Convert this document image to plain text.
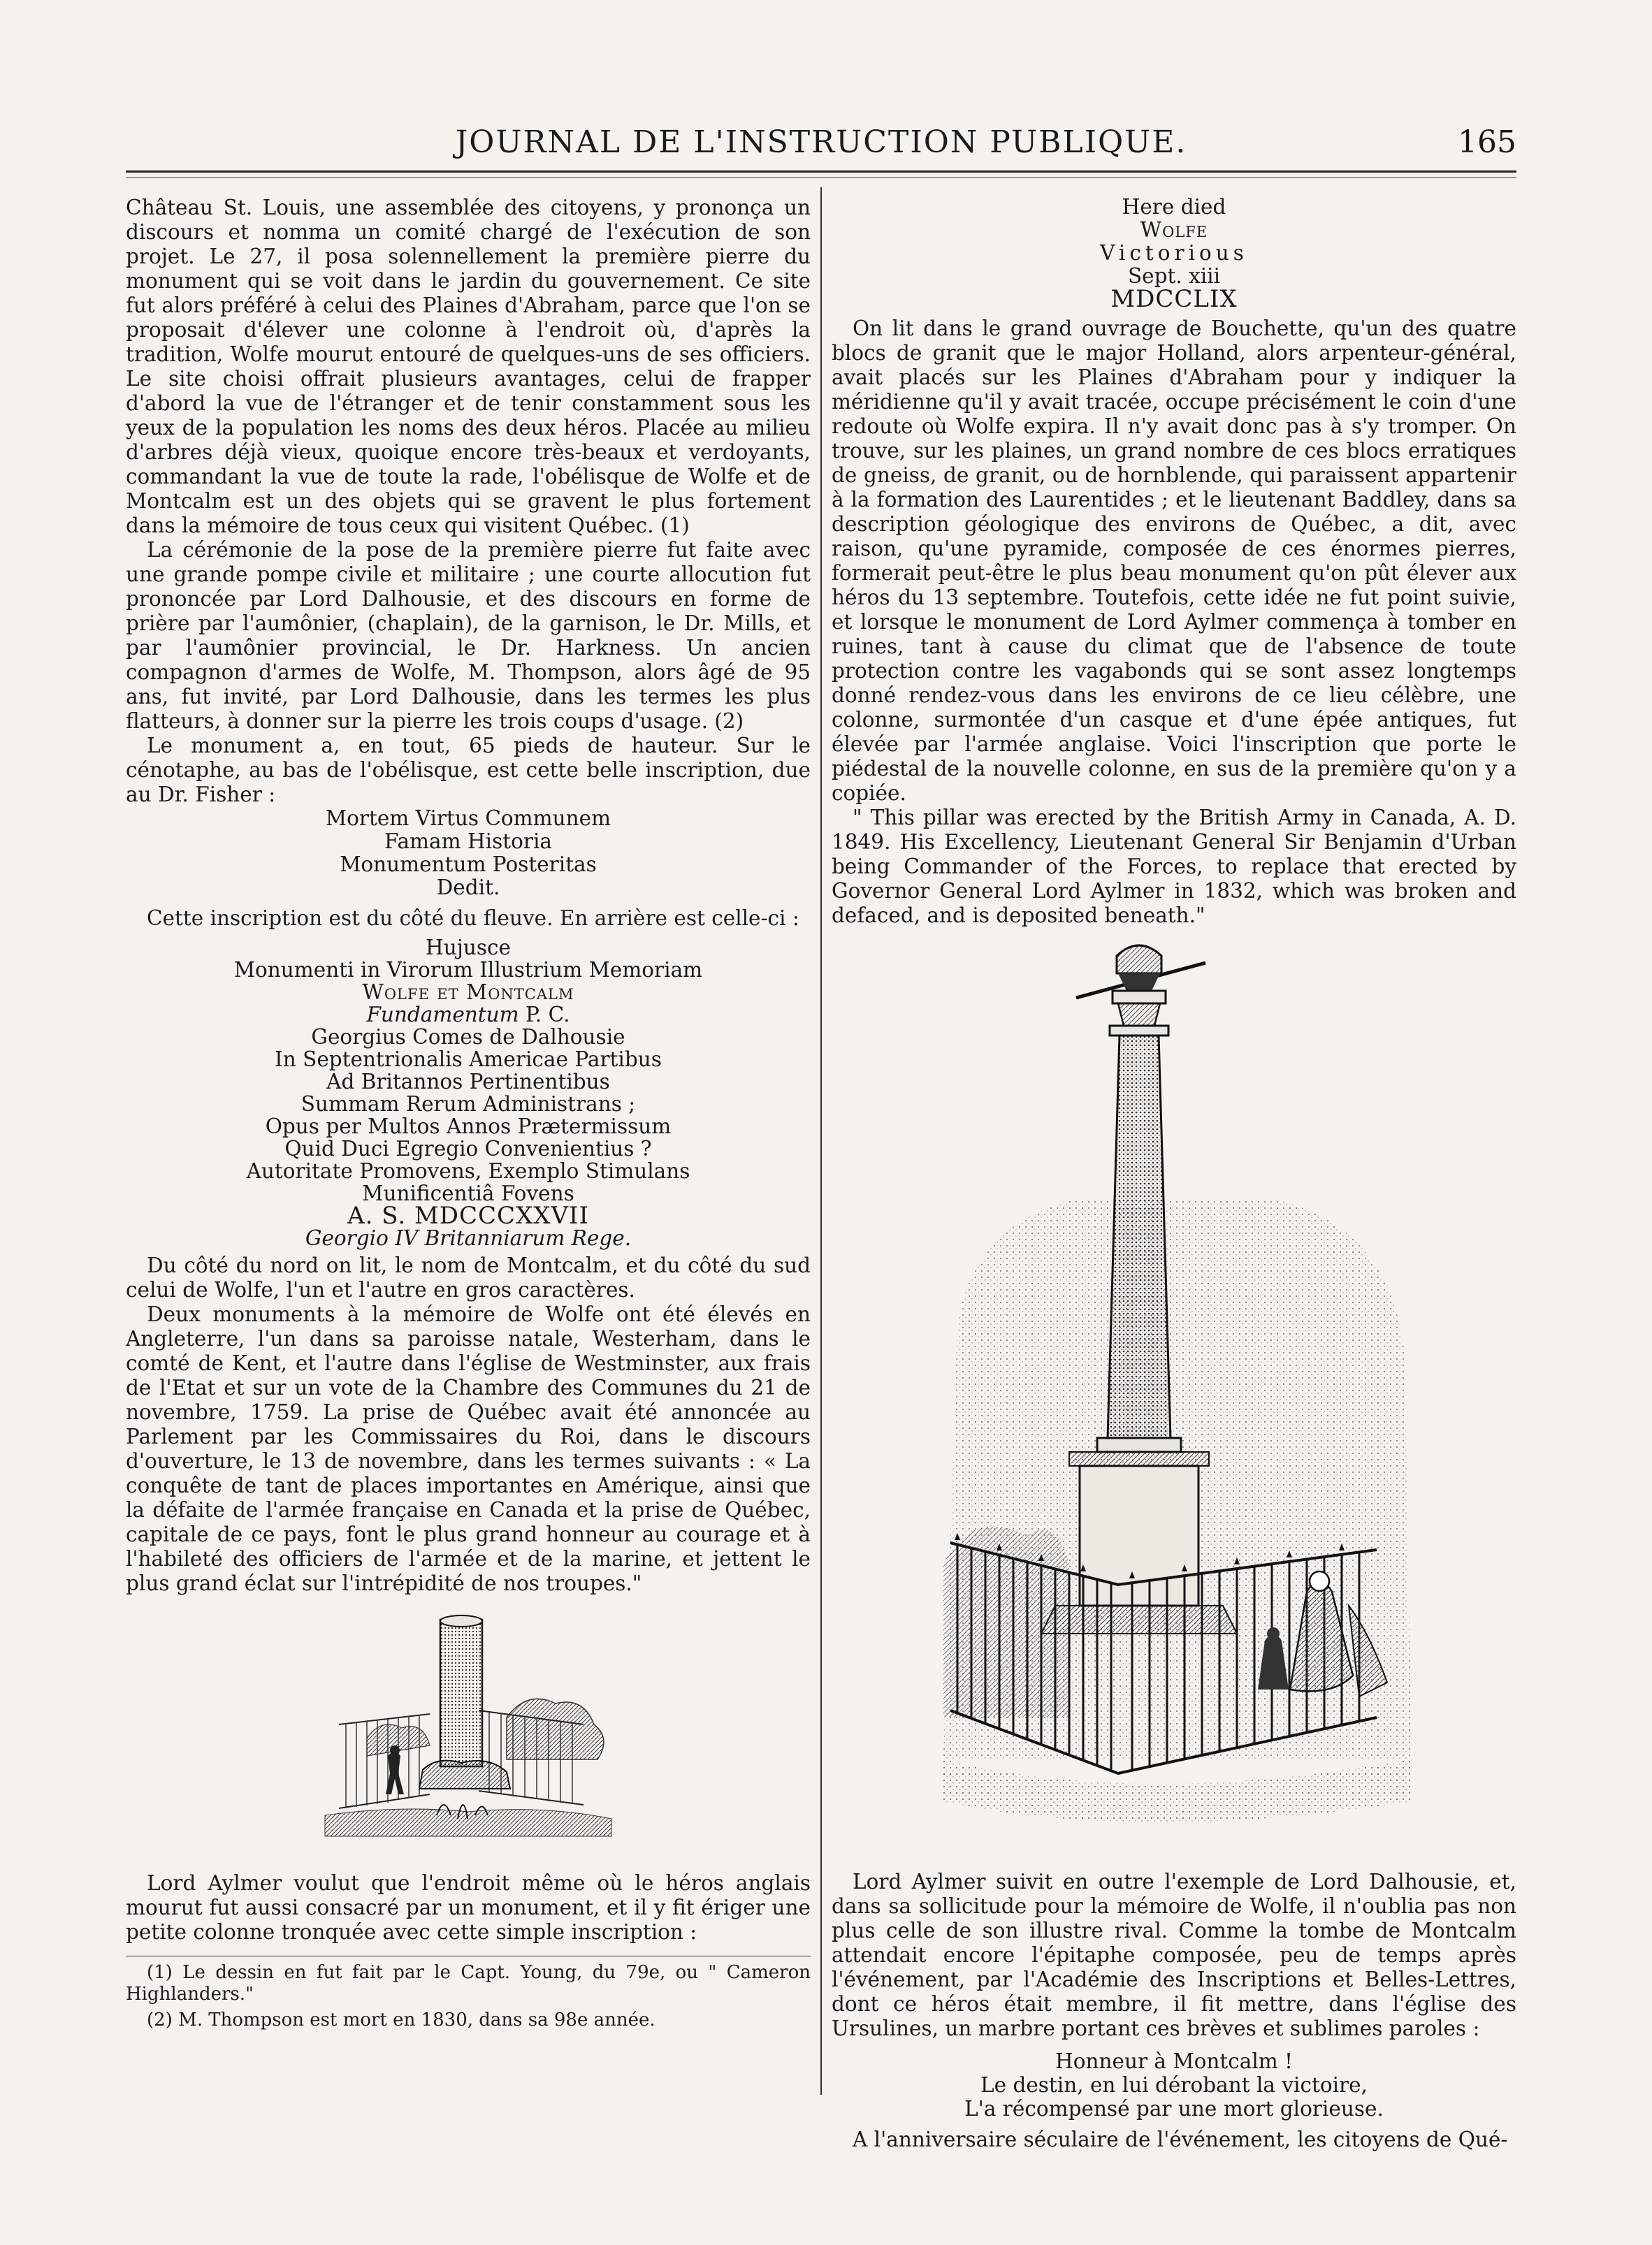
JOURNAL DE L'INSTRUCTION PUBLIQUE.	165

Château St. Louis, une assemblée des citoyens, y prononça un discours et nomma un comité chargé de l'exécution de son projet. Le 27, il posa solennellement la première pierre du monument qui se voit dans le jardin du gouvernement. Ce site fut alors préféré à celui des Plaines d'Abraham, parce que l'on se proposait d'élever une colonne à l'endroit où, d'après la tradition, Wolfe mourut entouré de quelques-uns de ses officiers. Le site choisi offrait plusieurs avantages, celui de frapper d'abord la vue de l'étranger et de tenir constamment sous les yeux de la population les noms des deux héros. Placée au milieu d'arbres déjà vieux, quoique encore très-beaux et verdoyants, commandant la vue de toute la rade, l'obélisque de Wolfe et de Montcalm est un des objets qui se gravent le plus fortement dans la mémoire de tous ceux qui visitent Québec. (1)

La cérémonie de la pose de la première pierre fut faite avec une grande pompe civile et militaire ; une courte allocution fut prononcée par Lord Dalhousie, et des discours en forme de prière par l'aumônier, (chaplain), de la garnison, le Dr. Mills, et par l'aumônier provincial, le Dr. Harkness. Un ancien compagnon d'armes de Wolfe, M. Thompson, alors âgé de 95 ans, fut invité, par Lord Dalhousie, dans les termes les plus flatteurs, à donner sur la pierre les trois coups d'usage. (2)

Le monument a, en tout, 65 pieds de hauteur. Sur le cénotaphe, au bas de l'obélisque, est cette belle inscription, due au Dr. Fisher :

Mortem Virtus Communem
Famam Historia
Monumentum Posteritas
Dedit.

Cette inscription est du côté du fleuve. En arrière est celle-ci :

Hujusce
Monumenti in Virorum Illustrium Memoriam
Wolfe et Montcalm
Fundamentum P. C.
Georgius Comes de Dalhousie
In Septentrionalis Americae Partibus
Ad Britannos Pertinentibus
Summam Rerum Administrans ;
Opus per Multos Annos Prætermissum
Quid Duci Egregio Convenientius ?
Autoritate Promovens, Exemplo Stimulans
Munificentiâ Fovens
A. S. MDCCCXXVII
Georgio IV Britanniarum Rege.

Du côté du nord on lit, le nom de Montcalm, et du côté du sud celui de Wolfe, l'un et l'autre en gros caractères.

Deux monuments à la mémoire de Wolfe ont été élevés en Angleterre, l'un dans sa paroisse natale, Westerham, dans le comté de Kent, et l'autre dans l'église de Westminster, aux frais de l'Etat et sur un vote de la Chambre des Communes du 21 de novembre, 1759. La prise de Québec avait été annoncée au Parlement par les Commissaires du Roi, dans le discours d'ouverture, le 13 de novembre, dans les termes suivants : « La conquête de tant de places importantes en Amérique, ainsi que la défaite de l'armée française en Canada et la prise de Québec, capitale de ce pays, font le plus grand honneur au courage et à l'habileté des officiers de l'armée et de la marine, et jettent le plus grand éclat sur l'intrépidité de nos troupes."

Lord Aylmer voulut que l'endroit même où le héros anglais mourut fut aussi consacré par un monument, et il y fit ériger une petite colonne tronquée avec cette simple inscription :

(1) Le dessin en fut fait par le Capt. Young, du 79e, ou " Cameron Highlanders."

(2) M. Thompson est mort en 1830, dans sa 98e année.

Here died
Wolfe
Victorious
Sept. xiii
MDCCLIX

On lit dans le grand ouvrage de Bouchette, qu'un des quatre blocs de granit que le major Holland, alors arpenteur-général, avait placés sur les Plaines d'Abraham pour y indiquer la méridienne qu'il y avait tracée, occupe précisément le coin d'une redoute où Wolfe expira. Il n'y avait donc pas à s'y tromper. On trouve, sur les plaines, un grand nombre de ces blocs erratiques de gneiss, de granit, ou de hornblende, qui paraissent appartenir à la formation des Laurentides ; et le lieutenant Baddley, dans sa description géologique des environs de Québec, a dit, avec raison, qu'une pyramide, composée de ces énormes pierres, formerait peut-être le plus beau monument qu'on pût élever aux héros du 13 septembre. Toutefois, cette idée ne fut point suivie, et lorsque le monument de Lord Aylmer commença à tomber en ruines, tant à cause du climat que de l'absence de toute protection contre les vagabonds qui se sont assez longtemps donné rendez-vous dans les environs de ce lieu célèbre, une colonne, surmontée d'un casque et d'une épée antiques, fut élevée par l'armée anglaise. Voici l'inscription que porte le piédestal de la nouvelle colonne, en sus de la première qu'on y a copiée.

" This pillar was erected by the British Army in Canada, A. D. 1849. His Excellency, Lieutenant General Sir Benjamin d'Urban being Commander of the Forces, to replace that erected by Governor General Lord Aylmer in 1832, which was broken and defaced, and is deposited beneath."

Lord Aylmer suivit en outre l'exemple de Lord Dalhousie, et, dans sa sollicitude pour la mémoire de Wolfe, il n'oublia pas non plus celle de son illustre rival. Comme la tombe de Montcalm attendait encore l'épitaphe composée, peu de temps après l'événement, par l'Académie des Inscriptions et Belles-Lettres, dont ce héros était membre, il fit mettre, dans l'église des Ursulines, un marbre portant ces brèves et sublimes paroles :

Honneur à Montcalm !
Le destin, en lui dérobant la victoire,
L'a récompensé par une mort glorieuse.

A l'anniversaire séculaire de l'événement, les citoyens de Qué-
